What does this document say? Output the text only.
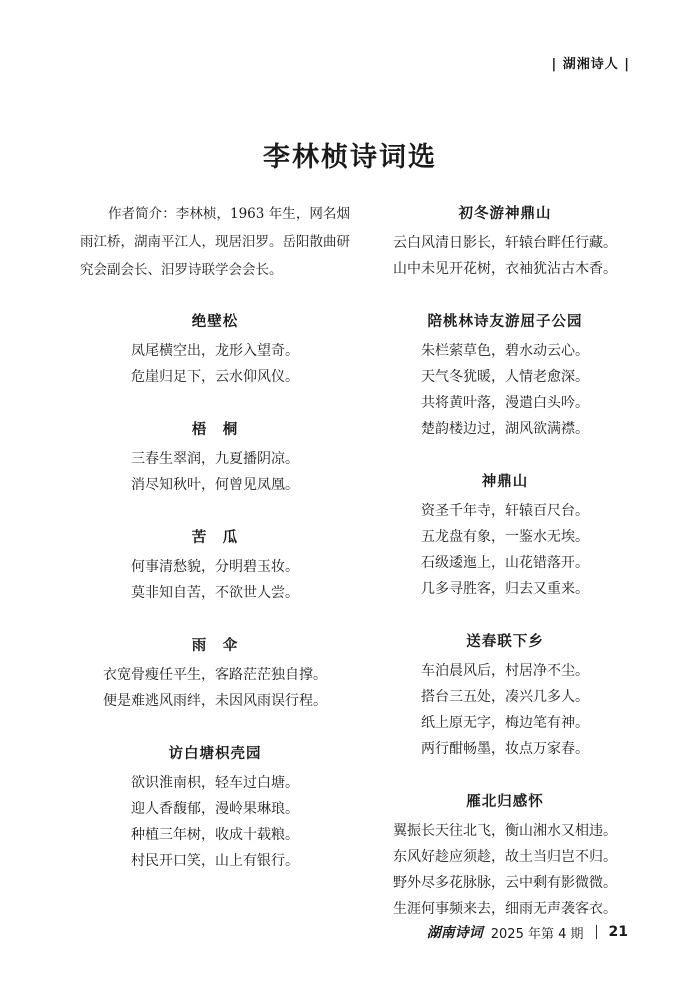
| 湖湘诗人 |
李林桢诗词选

作者简介：李林桢，1963 年生，网名烟雨江桥，湖南平江人，现居汨罗。岳阳散曲研究会副会长、汨罗诗联学会会长。

绝壁松
凤尾横空出，龙形入望奇。
危崖归足下，云水仰风仪。
梧　桐
三春生翠润，九夏播阴凉。
消尽知秋叶，何曾见凤凰。
苦　瓜
何事清愁貌，分明碧玉妆。
莫非知自苦，不欲世人尝。
雨　伞
衣宽骨瘦任平生，客路茫茫独自撑。
便是难逃风雨绊，未因风雨误行程。
访白塘枳壳园
欲识淮南枳，轻车过白塘。
迎人香馥郁，漫岭果琳琅。
种植三年树，收成十载粮。
村民开口笑，山上有银行。
初冬游神鼎山
云白风清日影长，轩辕台畔任行藏。
山中未见开花树，衣袖犹沾古木香。
陪桃林诗友游屈子公园
朱栏萦草色，碧水动云心。
天气冬犹暖，人情老愈深。
共将黄叶落，漫遣白头吟。
楚韵楼边过，湖风欲满襟。
神鼎山
资圣千年寺，轩辕百尺台。
五龙盘有象，一鉴水无埃。
石级逶迤上，山花错落开。
几多寻胜客，归去又重来。
送春联下乡
车泊晨风后，村居净不尘。
搭台三五处，凑兴几多人。
纸上原无字，梅边笔有神。
两行酣畅墨，妆点万家春。
雁北归感怀
翼振长天往北飞，衡山湘水又相违。
东风好趁应须趁，故土当归岂不归。
野外尽多花脉脉，云中剩有影微微。
生涯何事频来去，细雨无声袭客衣。
湖南诗词 2025 年第 4 期 21
